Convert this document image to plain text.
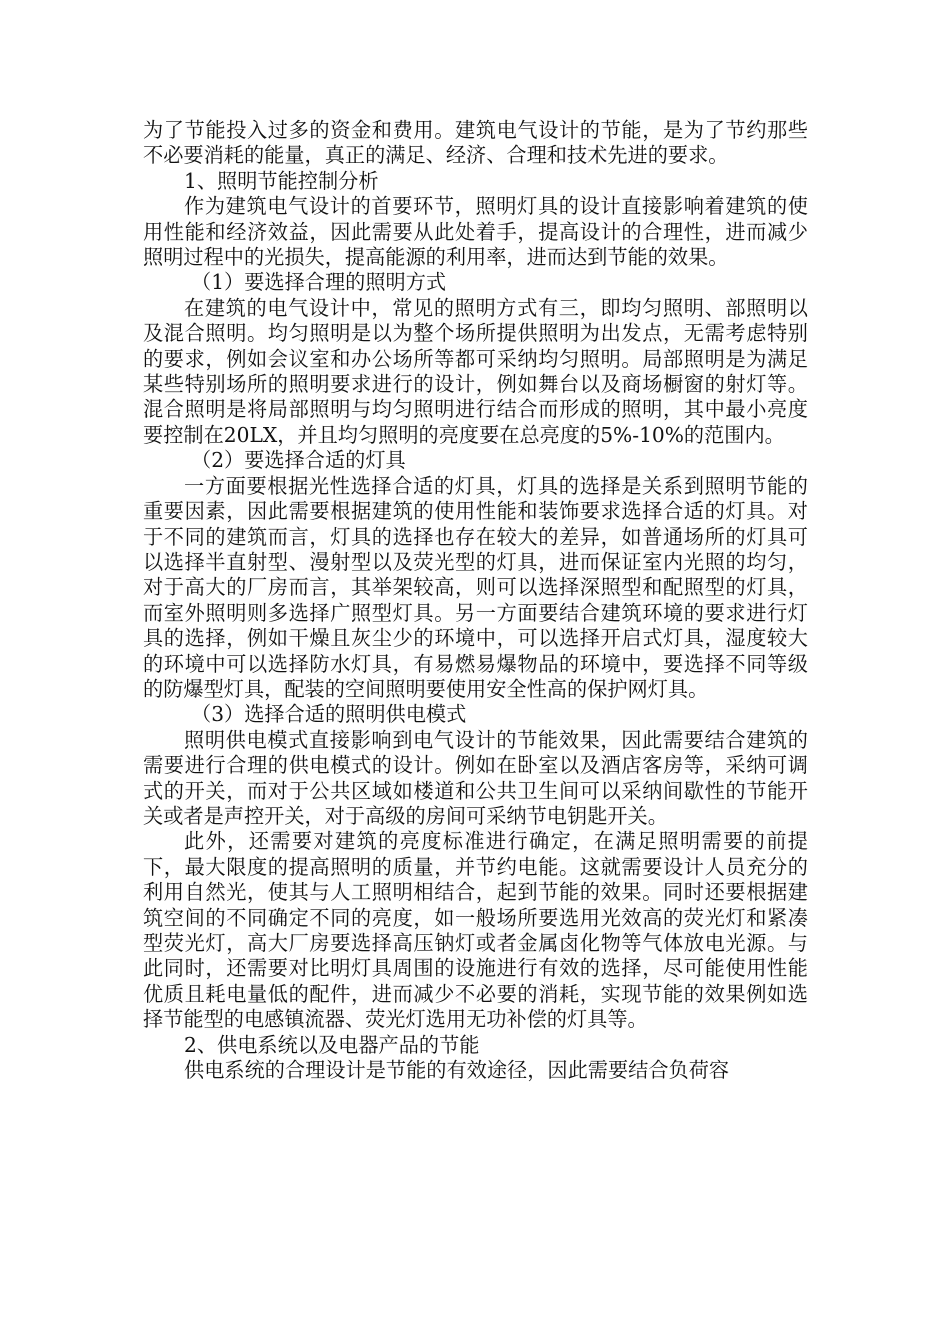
为了节能投入过多的资金和费用。建筑电气设计的节能，是为了节约那些不必要消耗的能量，真正的满足、经济、合理和技术先进的要求。

1、照明节能控制分析

作为建筑电气设计的首要环节，照明灯具的设计直接影响着建筑的使用性能和经济效益，因此需要从此处着手，提高设计的合理性，进而减少照明过程中的光损失，提高能源的利用率，进而达到节能的效果。

（1）要选择合理的照明方式

在建筑的电气设计中，常见的照明方式有三，即均匀照明、部照明以及混合照明。均匀照明是以为整个场所提供照明为出发点，无需考虑特别的要求，例如会议室和办公场所等都可采纳均匀照明。局部照明是为满足某些特别场所的照明要求进行的设计，例如舞台以及商场橱窗的射灯等。混合照明是将局部照明与均匀照明进行结合而形成的照明，其中最小亮度要控制在20LX，并且均匀照明的亮度要在总亮度的5%-10%的范围内。

（2）要选择合适的灯具

一方面要根据光性选择合适的灯具，灯具的选择是关系到照明节能的重要因素，因此需要根据建筑的使用性能和装饰要求选择合适的灯具。对于不同的建筑而言，灯具的选择也存在较大的差异，如普通场所的灯具可以选择半直射型、漫射型以及荧光型的灯具，进而保证室内光照的均匀，对于高大的厂房而言，其举架较高，则可以选择深照型和配照型的灯具，而室外照明则多选择广照型灯具。另一方面要结合建筑环境的要求进行灯具的选择，例如干燥且灰尘少的环境中，可以选择开启式灯具，湿度较大的环境中可以选择防水灯具，有易燃易爆物品的环境中，要选择不同等级的防爆型灯具，配装的空间照明要使用安全性高的保护网灯具。

（3）选择合适的照明供电模式

照明供电模式直接影响到电气设计的节能效果，因此需要结合建筑的需要进行合理的供电模式的设计。例如在卧室以及酒店客房等，采纳可调式的开关，而对于公共区域如楼道和公共卫生间可以采纳间歇性的节能开关或者是声控开关，对于高级的房间可采纳节电钥匙开关。

此外，还需要对建筑的亮度标准进行确定，在满足照明需要的前提下，最大限度的提高照明的质量，并节约电能。这就需要设计人员充分的利用自然光，使其与人工照明相结合，起到节能的效果。同时还要根据建筑空间的不同确定不同的亮度，如一般场所要选用光效高的荧光灯和紧凑型荧光灯，高大厂房要选择高压钠灯或者金属卤化物等气体放电光源。与此同时，还需要对比明灯具周围的设施进行有效的选择，尽可能使用性能优质且耗电量低的配件，进而减少不必要的消耗，实现节能的效果例如选择节能型的电感镇流器、荧光灯选用无功补偿的灯具等。

2、供电系统以及电器产品的节能

供电系统的合理设计是节能的有效途径，因此需要结合负荷容
